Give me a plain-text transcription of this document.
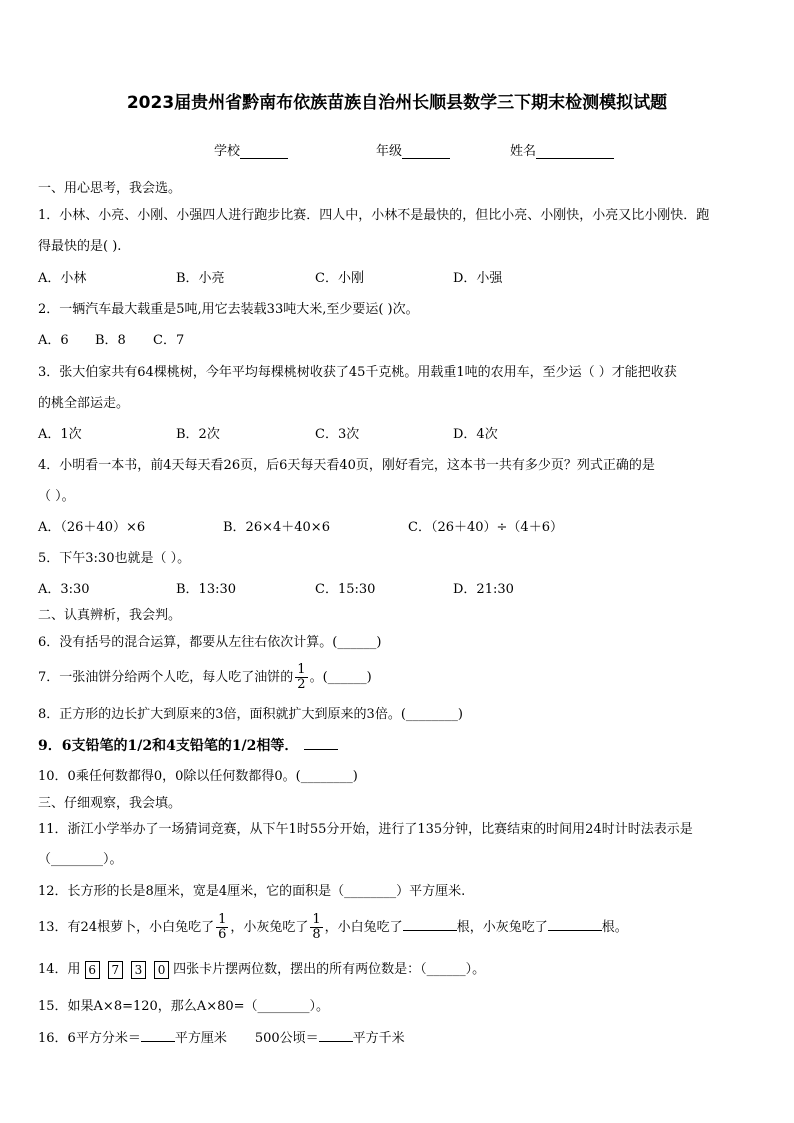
2023届贵州省黔南布依族苗族自治州长顺县数学三下期末检测模拟试题
学校	年级	姓名
一、用心思考，我会选。
1．小林、小亮、小刚、小强四人进行跑步比赛．四人中，小林不是最快的，但比小亮、小刚快，小亮又比小刚快．跑
得最快的是( ).
A．小林	B．小亮	C．小刚	D．小强
2．一辆汽车最大载重是5吨,用它去装载33吨大米,至少要运( )次。
A．6 B．8 C．7
3．张大伯家共有64棵桃树，今年平均每棵桃树收获了45千克桃。用载重1吨的农用车，至少运（ ）才能把收获
的桃全部运走。
A．1次	B．2次	C．3次	D．4次
4．小明看一本书，前4天每天看26页，后6天每天看40页，刚好看完，这本书一共有多少页？列式正确的是
（ ）。
A．（26＋40）×6	B．26×4＋40×6	C．（26＋40）÷（4＋6）
5．下午3:30也就是（ ）。
A．3:30	B．13:30	C．15:30	D．21:30
二、认真辨析，我会判。
6．没有括号的混合运算，都要从左往右依次计算。(______)
7．一张油饼分给两个人吃，每人吃了油饼的 $\frac{1}{2}$ 。(______)
8．正方形的边长扩大到原来的3倍，面积就扩大到原来的3倍。(________)
9．6支铅笔的1/2和4支铅笔的1/2相等．
10．0乘任何数都得0，0除以任何数都得0。(________)
三、仔细观察，我会填。
11．浙江小学举办了一场猜词竞赛，从下午1时55分开始，进行了135分钟，比赛结束的时间用24时计时法表示是
（________）。
12．长方形的长是8厘米，宽是4厘米，它的面积是（________）平方厘米.
13．有24根萝卜，小白兔吃了 $\frac{1}{6}$ ，小灰兔吃了 $\frac{1}{8}$ ，小白兔吃了	根，小灰兔吃了	根。
14．用 6 7 3 0 四张卡片摆两位数，摆出的所有两位数是：（______）。
15．如果A×8=120，那么A×80=（________）。
16．6平方分米＝	平方厘米 500公顷＝	平方千米
